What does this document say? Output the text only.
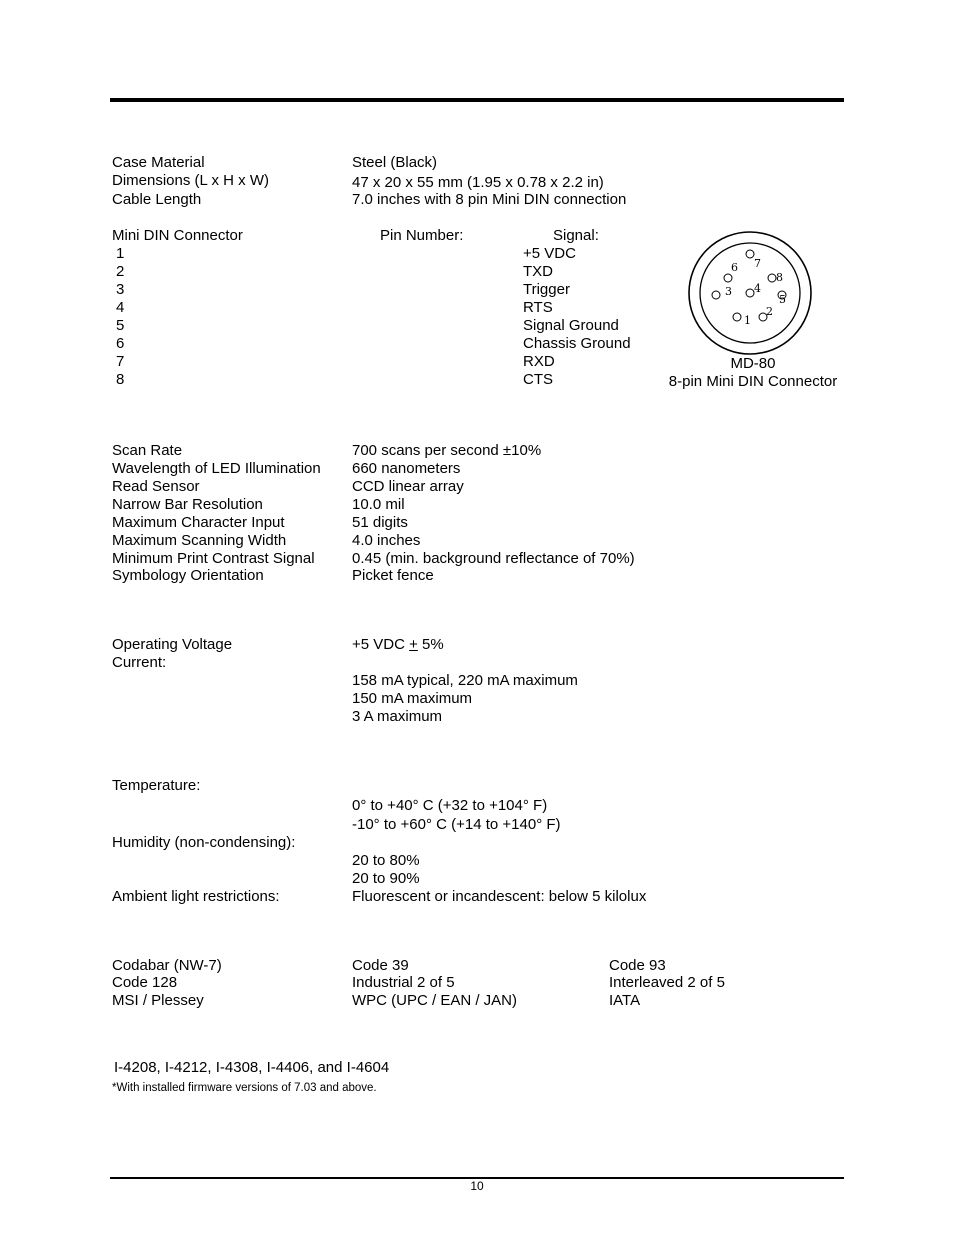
Case Material	Steel (Black)
Dimensions (L x H x W)	47 x 20 x 55 mm (1.95 x 0.78 x 2.2 in)
Cable Length	7.0 inches with 8 pin Mini DIN connection
Mini DIN Connector	Pin Number:	Signal:
1	+5 VDC
2	TXD
3	Trigger
4	RTS
5	Signal Ground
6	Chassis Ground
7	RXD
8	CTS
6 7
8
3 4
5
1
2
MD-80
8-pin Mini DIN Connector
Scan Rate	700 scans per second ±10%
Wavelength of LED Illumination 660 nanometers
Read Sensor	CCD linear array
Narrow Bar Resolution	10.0 mil
Maximum Character Input	51 digits
Maximum Scanning Width	4.0 inches
Minimum Print Contrast Signal 0.45 (min. background reflectance of 70%)
Symbology Orientation	Picket fence
Operating Voltage	+5 VDC + 5%
Current:
158 mA typical, 220 mA maximum
150 mA maximum
3 A maximum
Temperature:
0° to +40° C (+32 to +104° F)
-10° to +60° C (+14 to +140° F)
Humidity (non-condensing):
20 to 80%
20 to 90%
Ambient light restrictions:	Fluorescent or incandescent: below 5 kilolux
Codabar (NW-7)	Code 39	Code 93
Code 128	Industrial 2 of 5	Interleaved 2 of 5
MSI / Plessey	WPC (UPC / EAN / JAN)	IATA
I-4208, I-4212, I-4308, I-4406, and I-4604
*With installed firmware versions of 7.03 and above.
10
